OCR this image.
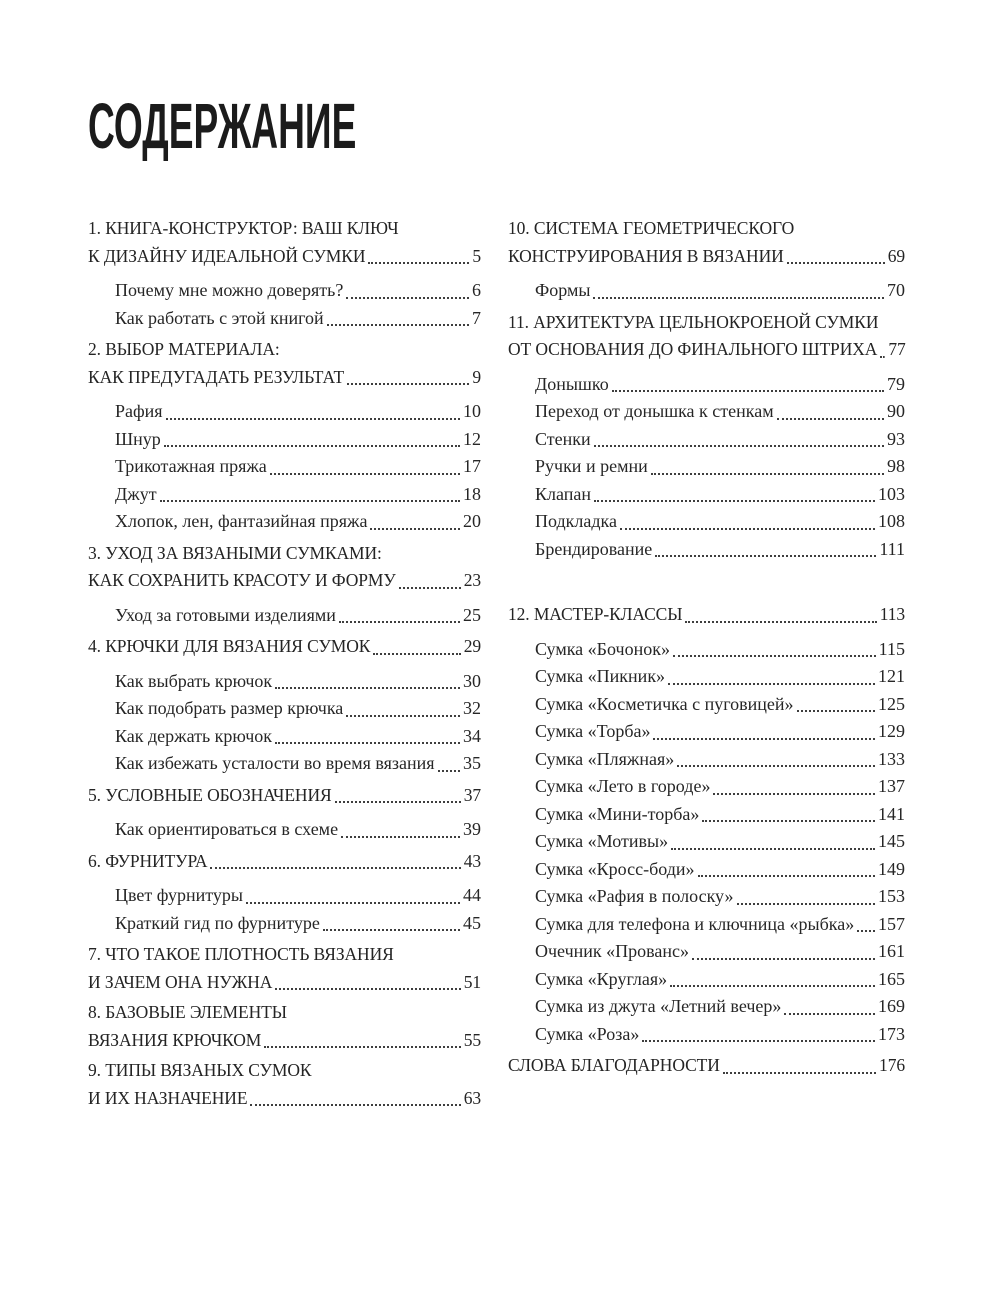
СОДЕРЖАНИЕ
1. КНИГА-КОНСТРУКТОР: ВАШ КЛЮЧ
К ДИЗАЙНУ ИДЕАЛЬНОЙ СУМКИ	5
Почему мне можно доверять?	6
Как работать с этой книгой	7
2. ВЫБОР МАТЕРИАЛА:
КАК ПРЕДУГАДАТЬ РЕЗУЛЬТАТ	9
Рафия	10
Шнур	12
Трикотажная пряжа	17
Джут	18
Хлопок, лен, фантазийная пряжа	20
3. УХОД ЗА ВЯЗАНЫМИ СУМКАМИ:
КАК СОХРАНИТЬ КРАСОТУ И ФОРМУ	23
Уход за готовыми изделиями	25
4. КРЮЧКИ ДЛЯ ВЯЗАНИЯ СУМОК	29
Как выбрать крючок	30
Как подобрать размер крючка	32
Как держать крючок	34
Как избежать усталости во время вязания 35
5. УСЛОВНЫЕ ОБОЗНАЧЕНИЯ	37
Как ориентироваться в схеме	39
6. ФУРНИТУРА	43
Цвет фурнитуры	44
Краткий гид по фурнитуре	45
7. ЧТО ТАКОЕ ПЛОТНОСТЬ ВЯЗАНИЯ
И ЗАЧЕМ ОНА НУЖНА	51
8. БАЗОВЫЕ ЭЛЕМЕНТЫ
ВЯЗАНИЯ КРЮЧКОМ	55
9. ТИПЫ ВЯЗАНЫХ СУМОК
И ИХ НАЗНАЧЕНИЕ	63
10. СИСТЕМА ГЕОМЕТРИЧЕСКОГО
КОНСТРУИРОВАНИЯ В ВЯЗАНИИ	69
Формы	70
11. АРХИТЕКТУРА ЦЕЛЬНОКРОЕНОЙ СУМКИ
ОТ ОСНОВАНИЯ ДО ФИНАЛЬНОГО ШТРИХА 77
Донышко	79
Переход от донышка к стенкам	90
Стенки	93
Ручки и ремни	98
Клапан	103
Подкладка	108
Брендирование	111
12. МАСТЕР-КЛАССЫ	113
Сумка «Бочонок»	115
Сумка «Пикник»	121
Сумка «Косметичка с пуговицей»	125
Сумка «Торба»	129
Сумка «Пляжная»	133
Сумка «Лето в городе»	137
Сумка «Мини-торба»	141
Сумка «Мотивы»	145
Сумка «Кросс-боди»	149
Сумка «Рафия в полоску»	153
Сумка для телефона и ключница «рыбка» 157
Очечник «Прованс»	161
Сумка «Круглая»	165
Сумка из джута «Летний вечер»	169
Сумка «Роза»	173
СЛОВА БЛАГОДАРНОСТИ	176
